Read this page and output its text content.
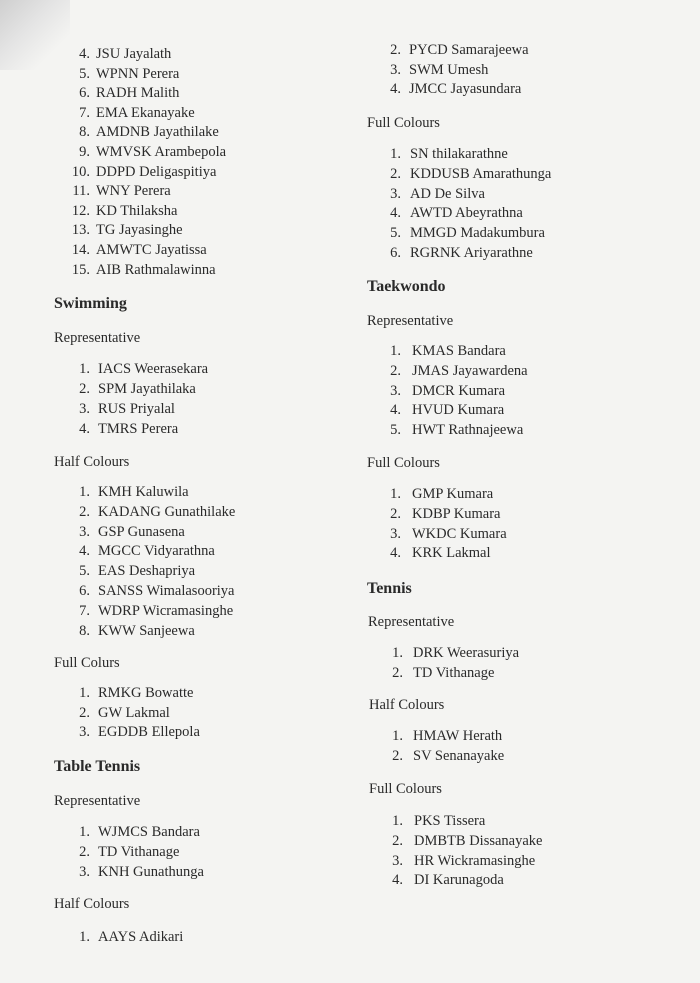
4. JSU Jayalath
5. WPNN Perera
6. RADH Malith
7. EMA Ekanayake
8. AMDNB Jayathilake
9. WMVSK Arambepola
10. DDPD Deligaspitiya
11. WNY Perera
12. KD Thilaksha
13. TG Jayasinghe
14. AMWTC Jayatissa
15. AIB Rathmalawinna
Swimming
Representative
1. IACS Weerasekara
2. SPM Jayathilaka
3. RUS Priyalal
4. TMRS Perera
Half Colours
1. KMH Kaluwila
2. KADANG Gunathilake
3. GSP Gunasena
4. MGCC Vidyarathna
5. EAS Deshapriya
6. SANSS Wimalasooriya
7. WDRP Wicramasinghe
8. KWW Sanjeewa
Full Colurs
1. RMKG Bowatte
2. GW Lakmal
3. EGDDB Ellepola
Table Tennis
Representative
1. WJMCS Bandara
2. TD Vithanage
3. KNH Gunathunga
Half Colours
1. AAYS Adikari
2. PYCD Samarajeewa
3. SWM Umesh
4. JMCC Jayasundara
Full Colours
1. SN thilakarathne
2. KDDUSB Amarathunga
3. AD De Silva
4. AWTD Abeyrathna
5. MMGD Madakumbura
6. RGRNK Ariyarathne
Taekwondo
Representative
1. KMAS Bandara
2. JMAS Jayawardena
3. DMCR Kumara
4. HVUD Kumara
5. HWT Rathnajeewa
Full Colours
1. GMP Kumara
2. KDBP Kumara
3. WKDC Kumara
4. KRK Lakmal
Tennis
Representative
1. DRK Weerasuriya
2. TD Vithanage
Half Colours
1. HMAW Herath
2. SV Senanayake
Full Colours
1. PKS Tissera
2. DMBTB Dissanayake
3. HR Wickramasinghe
4. DI Karunagoda
